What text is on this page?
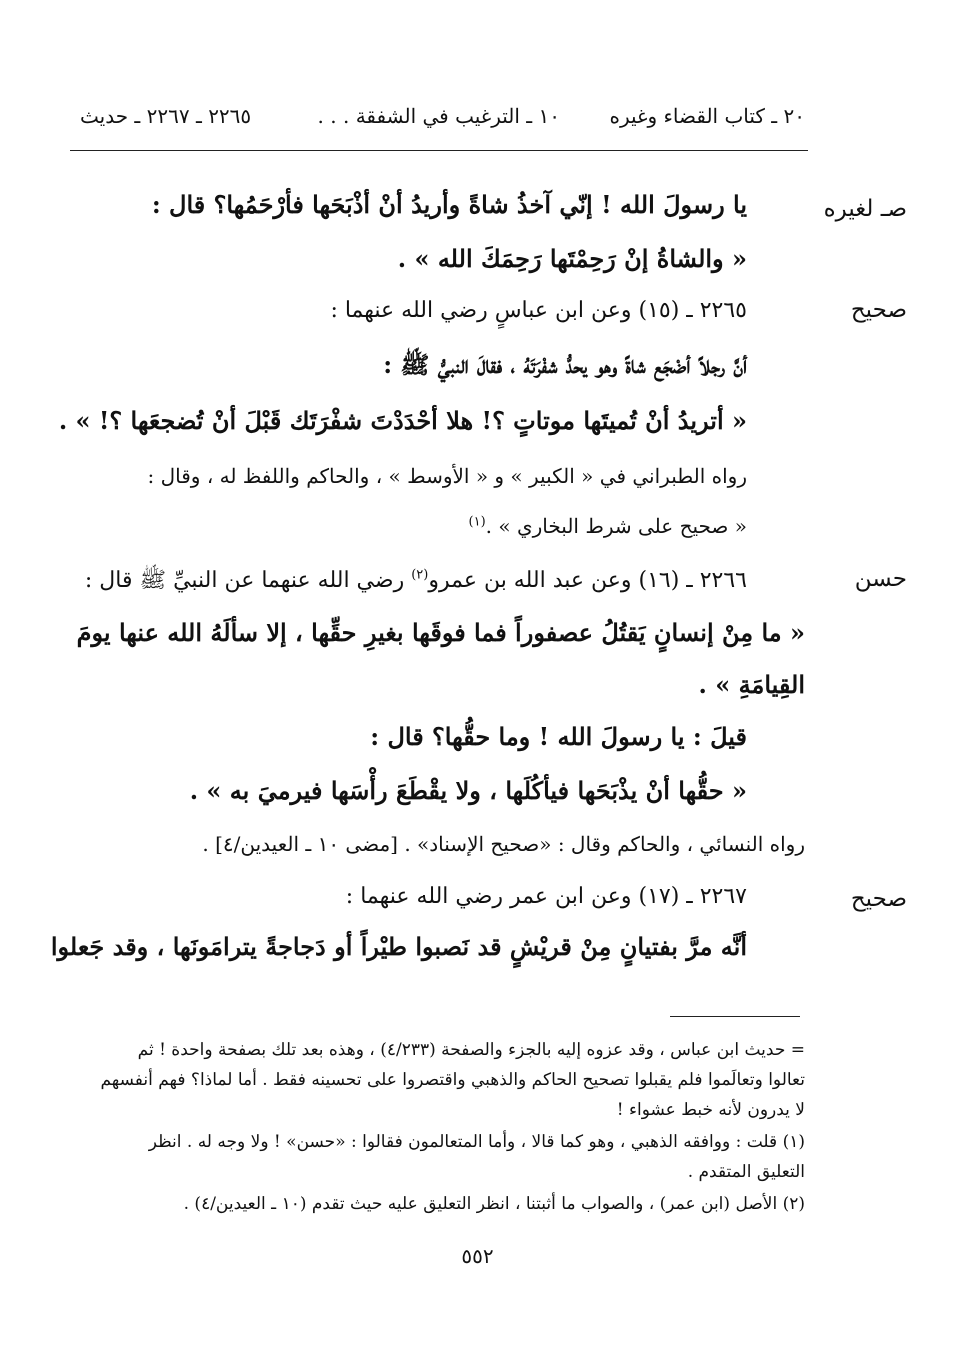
٢٠ ـ كتاب القضاء وغيره
١٠ ـ الترغيب في الشفقة . . .
٢٢٦٥ ـ ٢٢٦٧ ـ حديث
صـ لغيره
صحيح
حسن
صحيح
يا رسولَ الله ! إنّي آخذُ شاةً وأريدُ أنْ أذْبَحَها فأرْحَمُها؟ قال :
« والشاةُ إنْ رَحِمْتَها رَحِمَكَ الله » .
٢٢٦٥ ـ (١٥) وعن ابن عباسٍ رضي الله عنهما :
أنَّ رجلاً أضْجَع شاةً وهو يحدُّ شفْرَتَهُ ، فقالَ النبيُّ ﷺ :
« أتريدُ أنْ تُميتَها موتاتٍ ؟! هلا أحْدَدْتَ شفْرَتَك قَبْلَ أنْ تُضجعَها ؟! » .
رواه الطبراني في « الكبير » و « الأوسط » ، والحاكم واللفظ له ، وقال :
« صحيح على شرط البخاري » .$^{(١)}$
٢٢٦٦ ـ (١٦) وعن عبد الله بن عمرو$^{(٢)}$ رضي الله عنهما عن النبيِّ ﷺ قال :
« ما مِنْ إنسانٍ يَقتُلُ عصفوراً فما فوقَها بغيرِ حقِّها ، إلا سألَهُ الله عنها يومَ
القِيامَةِ » .
قيلَ : يا رسولَ الله ! وما حقُّها؟ قال :
« حقُّها أنْ يذْبَحَها فيأكُلَها ، ولا يقْطَعَ رأْسَها فيرميَ به » .
رواه النسائي ، والحاكم وقال : «صحيح الإسناد» . [مضى ١٠ ـ العيدين/٤] .
٢٢٦٧ ـ (١٧) وعن ابن عمر رضي الله عنهما :
أنَّه مرَّ بفتيانٍ مِنْ قريْشٍ قد نَصبوا طيْراً أو دَجاجةً يترامَونَها ، وقد جَعلوا
= حديث ابن عباس ، وقد عزوه إليه بالجزء والصفحة (٤/٢٣٣) ، وهذه بعد تلك بصفحة واحدة ! ثم
تعالوا وتعالَموا فلم يقبلوا تصحيح الحاكم والذهبي واقتصروا على تحسينه فقط . أما لماذا؟ فهم أنفسهم
لا يدرون لأنه خبط عشواء !
(١) قلت : ووافقه الذهبي ، وهو كما قالا ، وأما المتعالمون فقالوا : «حسن» ! ولا وجه له . انظر
التعليق المتقدم .
(٢) الأصل (ابن عمر) ، والصواب ما أثبتنا ، انظر التعليق عليه حيث تقدم (١٠ ـ العيدين/٤) .
٥٥٢
